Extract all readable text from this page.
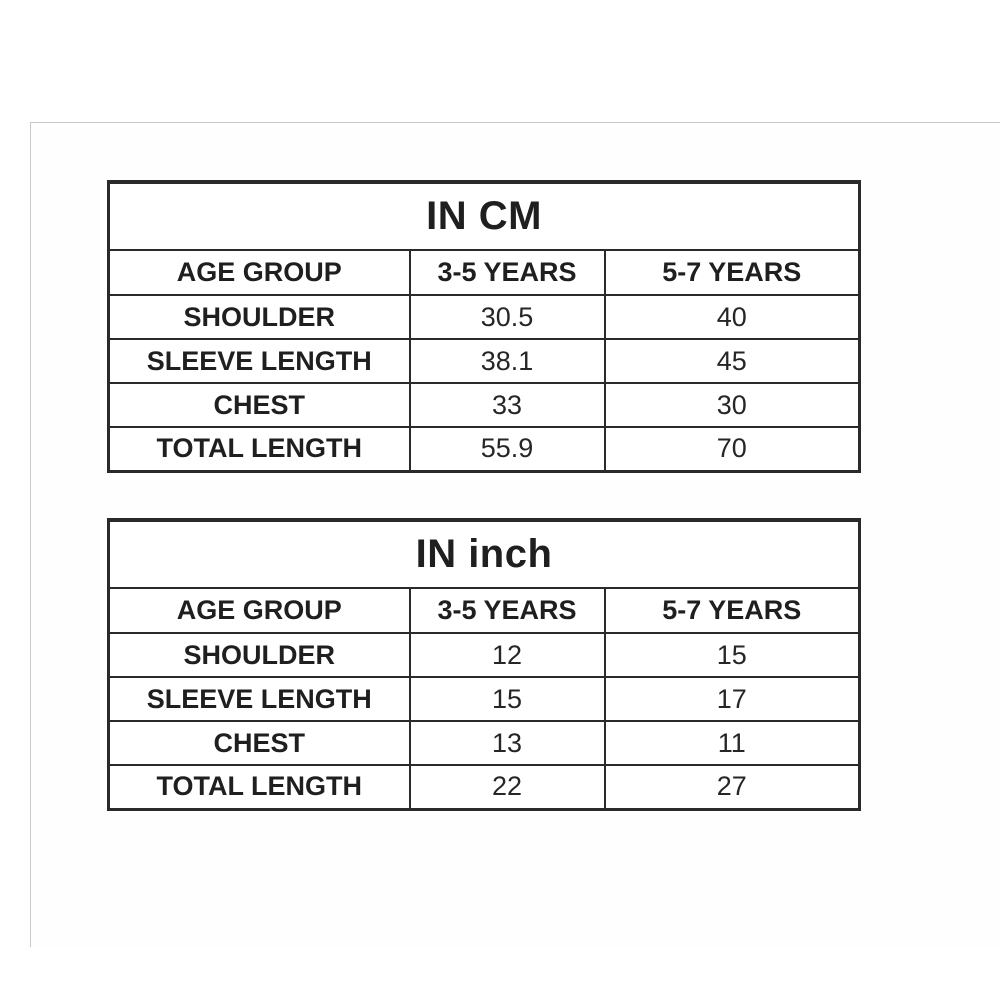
IN CM		
AGE GROUP	3-5 YEARS	5-7 YEARS
SHOULDER	30.5	40
SLEEVE LENGTH	38.1	45
CHEST	33	30
TOTAL LENGTH	55.9	70
IN inch		
AGE GROUP	3-5 YEARS	5-7 YEARS
SHOULDER	12	15
SLEEVE LENGTH	15	17
CHEST	13	11
TOTAL LENGTH	22	27
